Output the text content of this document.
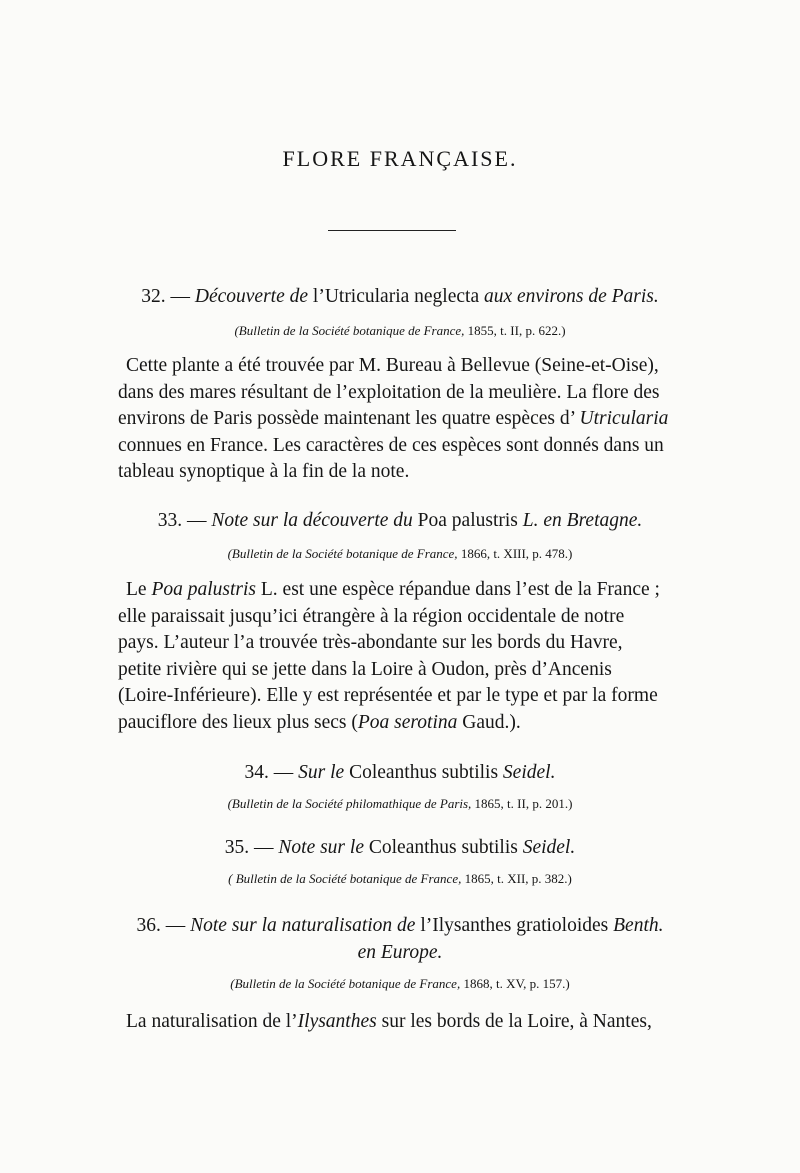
FLORE FRANÇAISE.
32. — Découverte de l’Utricularia neglecta aux environs de Paris.
(Bulletin de la Société botanique de France, 1855, t. II, p. 622.)
Cette plante a été trouvée par M. Bureau à Bellevue (Seine-et-Oise),
dans des mares résultant de l’exploitation de la meulière. La flore des
environs de Paris possède maintenant les quatre espèces d’ Utricularia
connues en France. Les caractères de ces espèces sont donnés dans un
tableau synoptique à la fin de la note.
33. — Note sur la découverte du Poa palustris L. en Bretagne.
(Bulletin de la Société botanique de France, 1866, t. XIII, p. 478.)
Le Poa palustris L. est une espèce répandue dans l’est de la France ;
elle paraissait jusqu’ici étrangère à la région occidentale de notre
pays. L’auteur l’a trouvée très-abondante sur les bords du Havre,
petite rivière qui se jette dans la Loire à Oudon, près d’Ancenis
(Loire-Inférieure). Elle y est représentée et par le type et par la forme
pauciflore des lieux plus secs (Poa serotina Gaud.).
34. — Sur le Coleanthus subtilis Seidel.
(Bulletin de la Société philomathique de Paris, 1865, t. II, p. 201.)
35. — Note sur le Coleanthus subtilis Seidel.
( Bulletin de la Société botanique de France, 1865, t. XII, p. 382.)
36. — Note sur la naturalisation de l’Ilysanthes gratioloides Benth.
en Europe.
(Bulletin de la Société botanique de France, 1868, t. XV, p. 157.)
La naturalisation de l’Ilysanthes sur les bords de la Loire, à Nantes,
